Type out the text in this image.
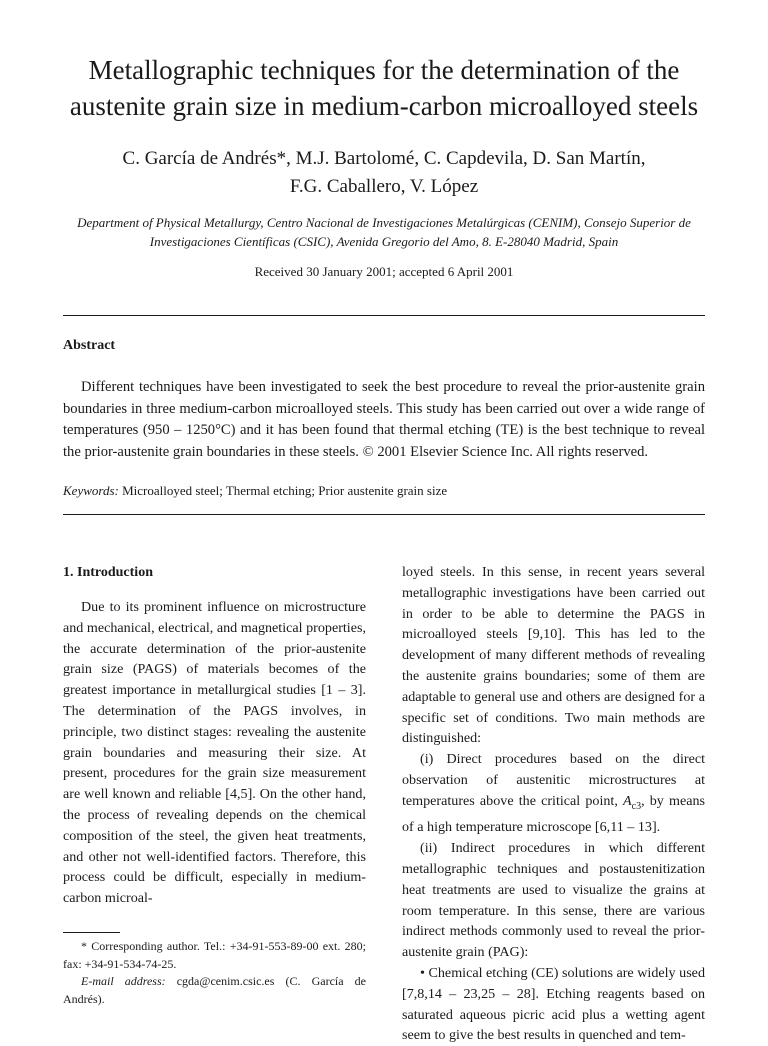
Metallographic techniques for the determination of the austenite grain size in medium-carbon microalloyed steels
C. García de Andrés*, M.J. Bartolomé, C. Capdevila, D. San Martín,
F.G. Caballero, V. López
Department of Physical Metallurgy, Centro Nacional de Investigaciones Metalúrgicas (CENIM), Consejo Superior de Investigaciones Científicas (CSIC), Avenida Gregorio del Amo, 8. E-28040 Madrid, Spain
Received 30 January 2001; accepted 6 April 2001
Abstract

Different techniques have been investigated to seek the best procedure to reveal the prior-austenite grain boundaries in three medium-carbon microalloyed steels. This study has been carried out over a wide range of temperatures (950 – 1250°C) and it has been found that thermal etching (TE) is the best technique to reveal the prior-austenite grain boundaries in these steels. © 2001 Elsevier Science Inc. All rights reserved.

Keywords: Microalloyed steel; Thermal etching; Prior austenite grain size
1. Introduction

Due to its prominent influence on microstructure and mechanical, electrical, and magnetical properties, the accurate determination of the prior-austenite grain size (PAGS) of materials becomes of the greatest importance in metallurgical studies [1 – 3]. The determination of the PAGS involves, in principle, two distinct stages: revealing the austenite grain boundaries and measuring their size. At present, procedures for the grain size measurement are well known and reliable [4,5]. On the other hand, the process of revealing depends on the chemical composition of the steel, the given heat treatments, and other not well-identified factors. Therefore, this process could be difficult, especially in medium-carbon microal-

loyed steels. In this sense, in recent years several metallographic investigations have been carried out in order to be able to determine the PAGS in microalloyed steels [9,10]. This has led to the development of many different methods of revealing the austenite grains boundaries; some of them are adaptable to general use and others are designed for a specific set of conditions. Two main methods are distinguished:

(i) Direct procedures based on the direct observation of austenitic microstructures at temperatures above the critical point, $A_{c3}$, by means of a high temperature microscope [6,11 – 13].

(ii) Indirect procedures in which different metallographic techniques and postaustenitization heat treatments are used to visualize the grains at room temperature. In this sense, there are various indirect methods commonly used to reveal the prior-austenite grain (PAG):

• Chemical etching (CE) solutions are widely used [7,8,14 – 23,25 – 28]. Etching reagents based on saturated aqueous picric acid plus a wetting agent seem to give the best results in quenched and tem-

* Corresponding author. Tel.: +34-91-553-89-00 ext. 280; fax: +34-91-534-74-25.

E-mail address: cgda@cenim.csic.es (C. García de Andrés).
